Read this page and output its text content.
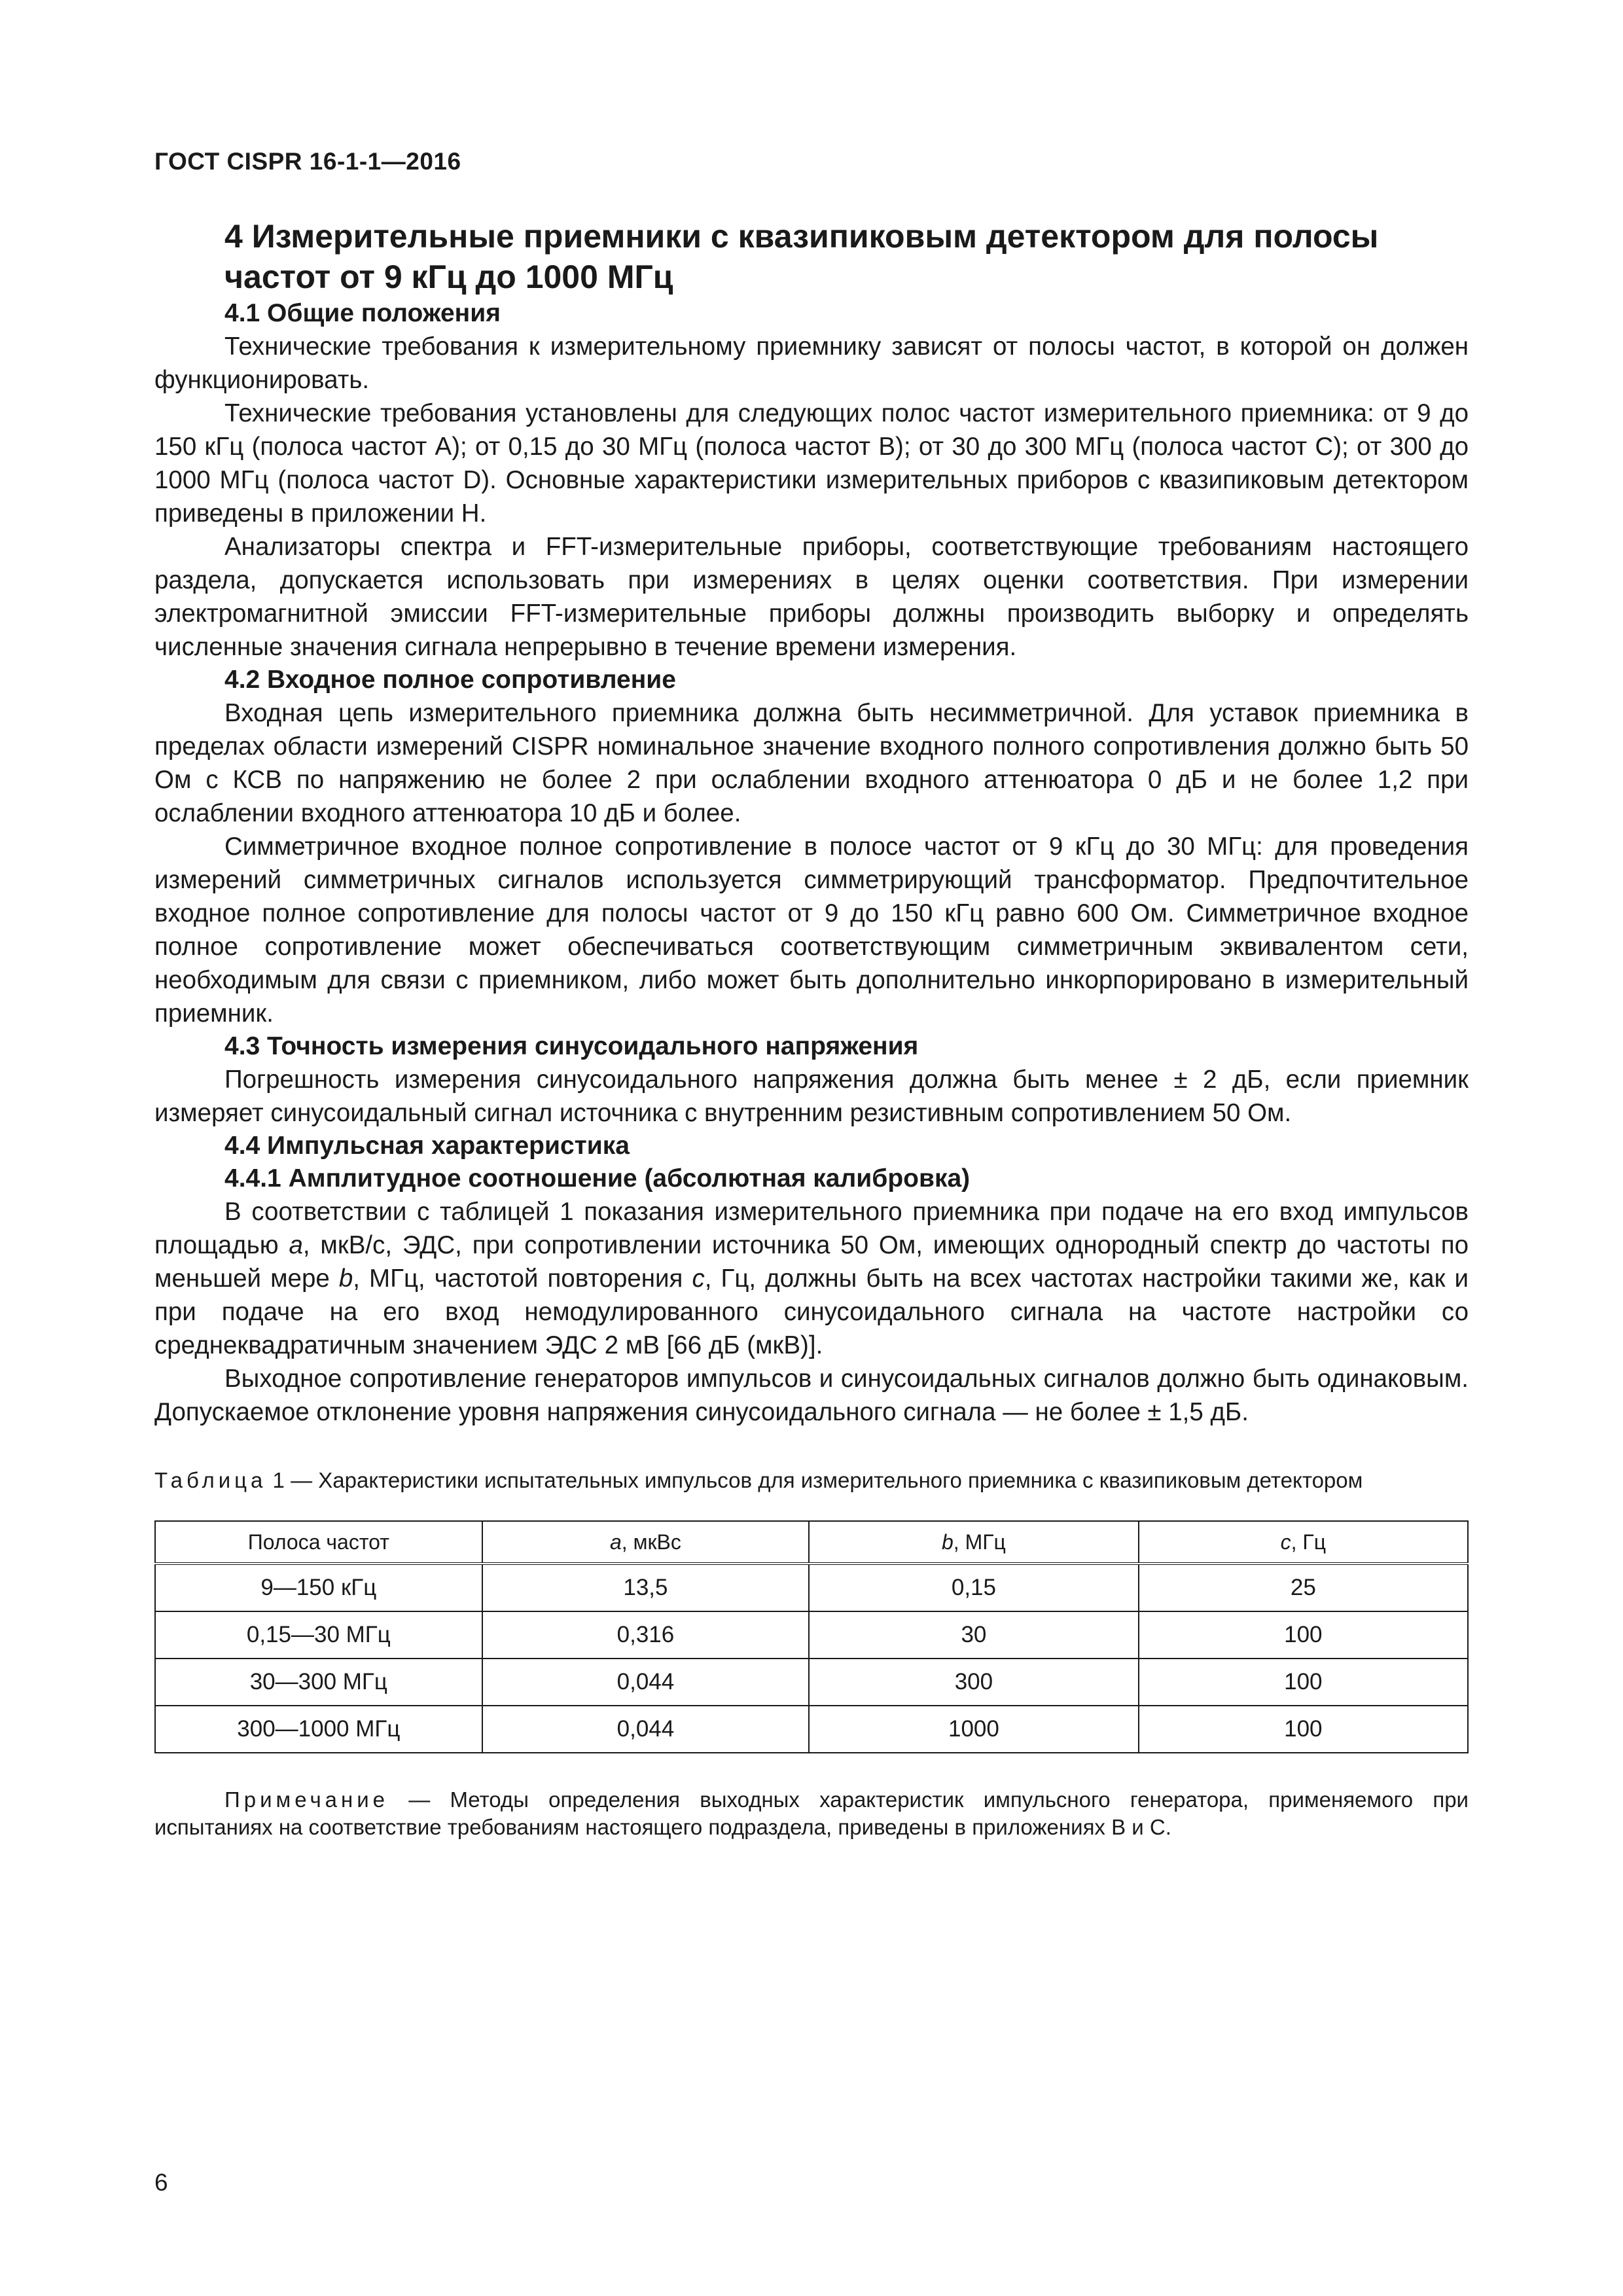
ГОСТ CISPR 16-1-1—2016
4 Измерительные приемники с квазипиковым детектором для полосы частот от 9 кГц до 1000 МГц
4.1 Общие положения

Технические требования к измерительному приемнику зависят от полосы частот, в которой он должен функционировать.

Технические требования установлены для следующих полос частот измерительного приемника: от 9 до 150 кГц (полоса частот A); от 0,15 до 30 МГц (полоса частот B); от 30 до 300 МГц (полоса частот C); от 300 до 1000 МГц (полоса частот D). Основные характеристики измерительных приборов с квазипиковым детектором приведены в приложении H.

Анализаторы спектра и FFT-измерительные приборы, соответствующие требованиям настоящего раздела, допускается использовать при измерениях в целях оценки соответствия. При измерении электромагнитной эмиссии FFT-измерительные приборы должны производить выборку и определять численные значения сигнала непрерывно в течение времени измерения.

4.2 Входное полное сопротивление

Входная цепь измерительного приемника должна быть несимметричной. Для уставок приемника в пределах области измерений CISPR номинальное значение входного полного сопротивления должно быть 50 Ом с КСВ по напряжению не более 2 при ослаблении входного аттенюатора 0 дБ и не более 1,2 при ослаблении входного аттенюатора 10 дБ и более.

Симметричное входное полное сопротивление в полосе частот от 9 кГц до 30 МГц: для проведения измерений симметричных сигналов используется симметрирующий трансформатор. Предпочтительное входное полное сопротивление для полосы частот от 9 до 150 кГц равно 600 Ом. Симметричное входное полное сопротивление может обеспечиваться соответствующим симметричным эквивалентом сети, необходимым для связи с приемником, либо может быть дополнительно инкорпорировано в измерительный приемник.

4.3 Точность измерения синусоидального напряжения

Погрешность измерения синусоидального напряжения должна быть менее ± 2 дБ, если приемник измеряет синусоидальный сигнал источника с внутренним резистивным сопротивлением 50 Ом.

4.4 Импульсная характеристика
4.4.1 Амплитудное соотношение (абсолютная калибровка)

В соответствии с таблицей 1 показания измерительного приемника при подаче на его вход импульсов площадью a, мкВ/с, ЭДС, при сопротивлении источника 50 Ом, имеющих однородный спектр до частоты по меньшей мере b, МГц, частотой повторения c, Гц, должны быть на всех частотах настройки такими же, как и при подаче на его вход немодулированного синусоидального сигнала на частоте настройки со среднеквадратичным значением ЭДС 2 мВ [66 дБ (мкВ)].

Выходное сопротивление генераторов импульсов и синусоидальных сигналов должно быть одинаковым. Допускаемое отклонение уровня напряжения синусоидального сигнала — не более ± 1,5 дБ.

Таблица 1 — Характеристики испытательных импульсов для измерительного приемника с квазипиковым детектором
Полоса частот	a, мкВс	b, МГц	c, Гц
9—150 кГц	13,5	0,15	25
0,15—30 МГц	0,316	30	100
30—300 МГц	0,044	300	100
300—1000 МГц	0,044	1000	100
Примечание — Методы определения выходных характеристик импульсного генератора, применяемого при испытаниях на соответствие требованиям настоящего подраздела, приведены в приложениях B и C.
6
